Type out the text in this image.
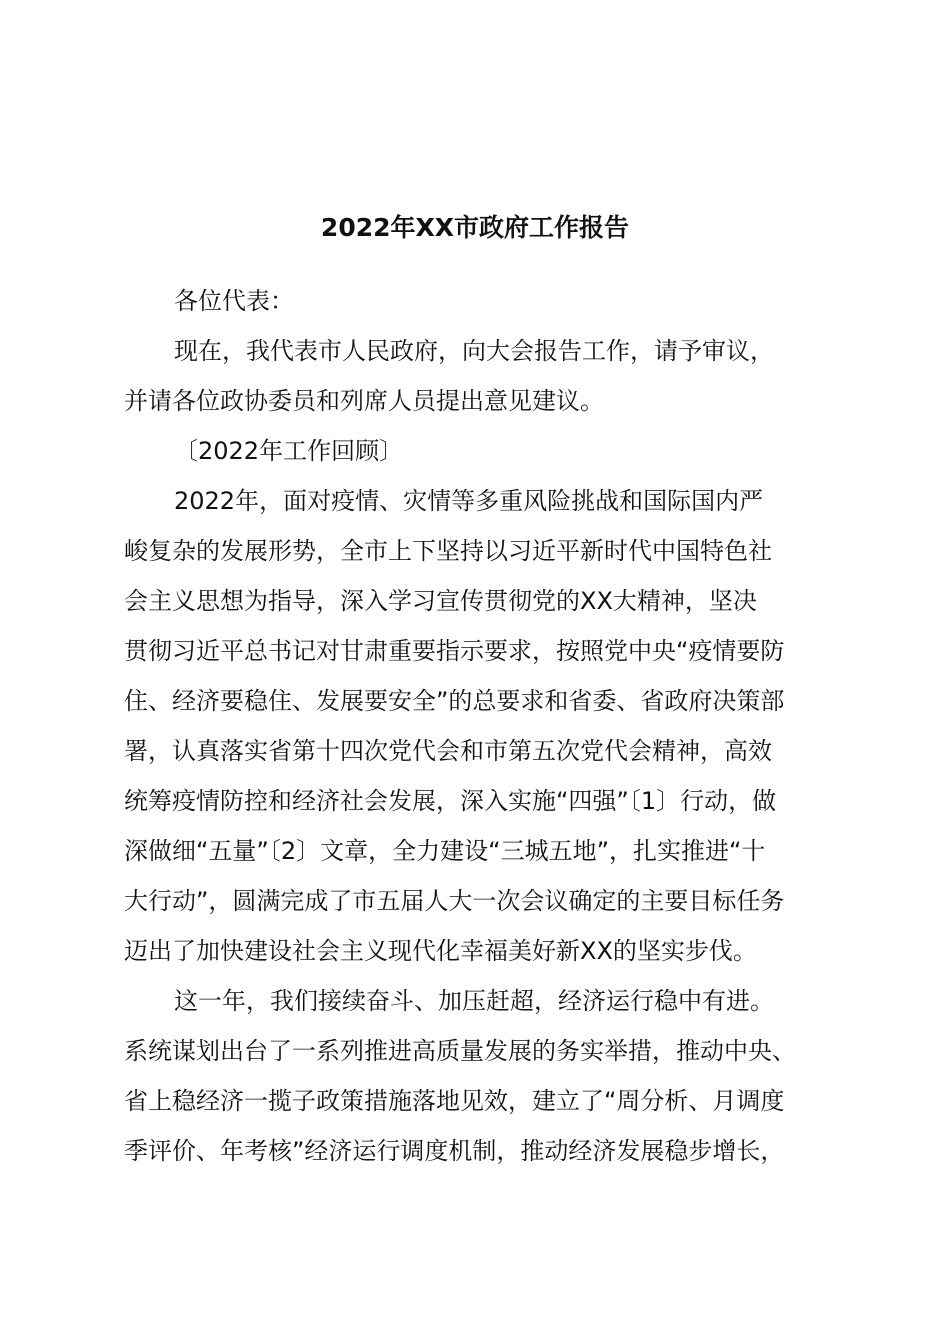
2022年XX市政府工作报告
各位代表：
现在，我代表市人民政府，向大会报告工作，请予审议，
并请各位政协委员和列席人员提出意见建议。
〔2022年工作回顾〕
2022年，面对疫情、灾情等多重风险挑战和国际国内严
峻复杂的发展形势，全市上下坚持以习近平新时代中国特色社
会主义思想为指导，深入学习宣传贯彻党的XX大精神，坚决
贯彻习近平总书记对甘肃重要指示要求，按照党中央“疫情要防
住、经济要稳住、发展要安全”的总要求和省委、省政府决策部
署，认真落实省第十四次党代会和市第五次党代会精神，高效
统筹疫情防控和经济社会发展，深入实施“四强”〔1〕行动，做
深做细“五量”〔2〕文章，全力建设“三城五地”，扎实推进“十
大行动”，圆满完成了市五届人大一次会议确定的主要目标任务
迈出了加快建设社会主义现代化幸福美好新XX的坚实步伐。
这一年，我们接续奋斗、加压赶超，经济运行稳中有进。
系统谋划出台了一系列推进高质量发展的务实举措，推动中央、
省上稳经济一揽子政策措施落地见效，建立了“周分析、月调度
季评价、年考核”经济运行调度机制，推动经济发展稳步增长，
